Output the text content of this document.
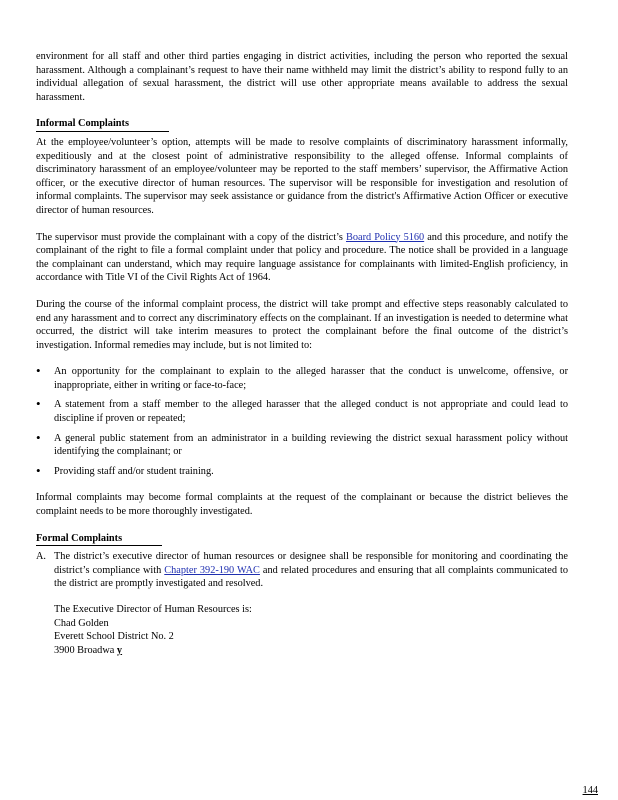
environment for all staff and other third parties engaging in district activities, including the person who reported the sexual harassment. Although a complainant’s request to have their name withheld may limit the district’s ability to respond fully to an individual allegation of sexual harassment, the district will use other appropriate means available to address the sexual harassment.

Informal Complaints

At the employee/volunteer’s option, attempts will be made to resolve complaints of discriminatory harassment informally, expeditiously and at the closest point of administrative responsibility to the alleged offense. Informal complaints of discriminatory harassment of an employee/volunteer may be reported to the staff members’ supervisor, the Affirmative Action officer, or the executive director of human resources. The supervisor will be responsible for investigation and resolution of informal complaints. The supervisor may seek assistance or guidance from the district's Affirmative Action Officer or executive director of human resources.

The supervisor must provide the complainant with a copy of the district’s Board Policy 5160 and this procedure, and notify the complainant of the right to file a formal complaint under that policy and procedure. The notice shall be provided in a language the complainant can understand, which may require language assistance for complainants with limited-English proficiency, in accordance with Title VI of the Civil Rights Act of 1964.

During the course of the informal complaint process, the district will take prompt and effective steps reasonably calculated to end any harassment and to correct any discriminatory effects on the complainant. If an investigation is needed to determine what occurred, the district will take interim measures to protect the complainant before the final outcome of the district’s investigation. Informal remedies may include, but is not limited to:

• An opportunity for the complainant to explain to the alleged harasser that the conduct is unwelcome, offensive, or inappropriate, either in writing or face-to-face;
• A statement from a staff member to the alleged harasser that the alleged conduct is not appropriate and could lead to discipline if proven or repeated;
• A general public statement from an administrator in a building reviewing the district sexual harassment policy without identifying the complainant; or
• Providing staff and/or student training.

Informal complaints may become formal complaints at the request of the complainant or because the district believes the complaint needs to be more thoroughly investigated.

Formal Complaints
A. The district’s executive director of human resources or designee shall be responsible for monitoring and coordinating the district’s compliance with Chapter 392-190 WAC and related procedures and ensuring that all complaints communicated to the district are promptly investigated and resolved.
The Executive Director of Human Resources is:
Chad Golden
Everett School District No. 2
3900 Broadwa y
144
